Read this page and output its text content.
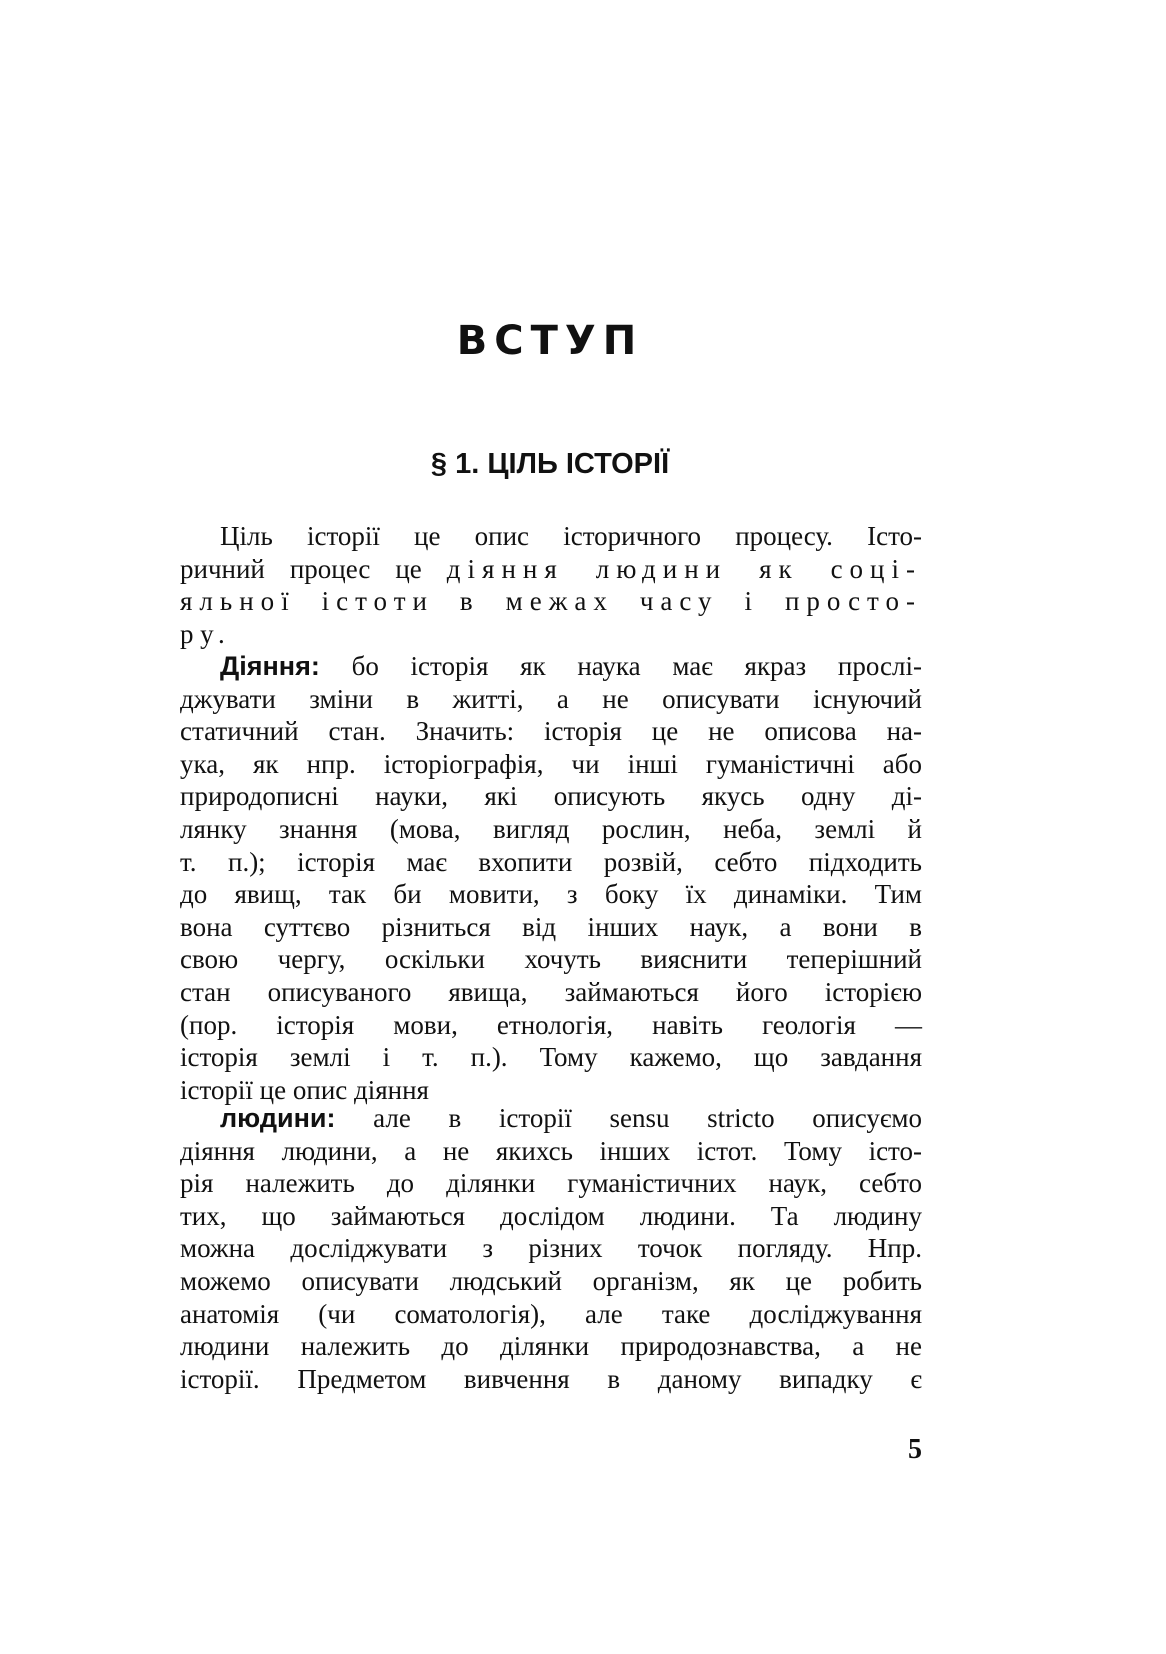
ВСТУП
§ 1. ЦІЛЬ ІСТОРІЇ
Ціль історії це опис історичного процесу. Істо-
ричний процес це діяння людини як соці-
яльної істоти в межах часу і просто-
ру.
Діяння: бо історія як наука має якраз прослі-
джувати зміни в житті, а не описувати існуючий
статичний стан. Значить: історія це не описова на-
ука, як нпр. історіографія, чи інші гуманістичні або
природописні науки, які описують якусь одну ді-
лянку знання (мова, вигляд рослин, неба, землі й
т. п.); історія має вхопити розвій, себто підходить
до явищ, так би мовити, з боку їх динаміки. Тим
вона суттєво різниться від інших наук, а вони в
свою чергу, оскільки хочуть вияснити теперішний
стан описуваного явища, займаються його історією
(пор. історія мови, етнологія, навіть геологія —
історія землі і т. п.). Тому кажемо, що завдання
історії це опис діяння
людини: але в історії sensu stricto описуємо
діяння людини, а не якихсь інших істот. Тому істо-
рія належить до ділянки гуманістичних наук, себто
тих, що займаються дослідом людини. Та людину
можна досліджувати з різних точок погляду. Нпр.
можемо описувати людський організм, як це робить
анатомія (чи соматологія), але таке досліджування
людини належить до ділянки природознавства, а не
історії. Предметом вивчення в даному випадку є
5
